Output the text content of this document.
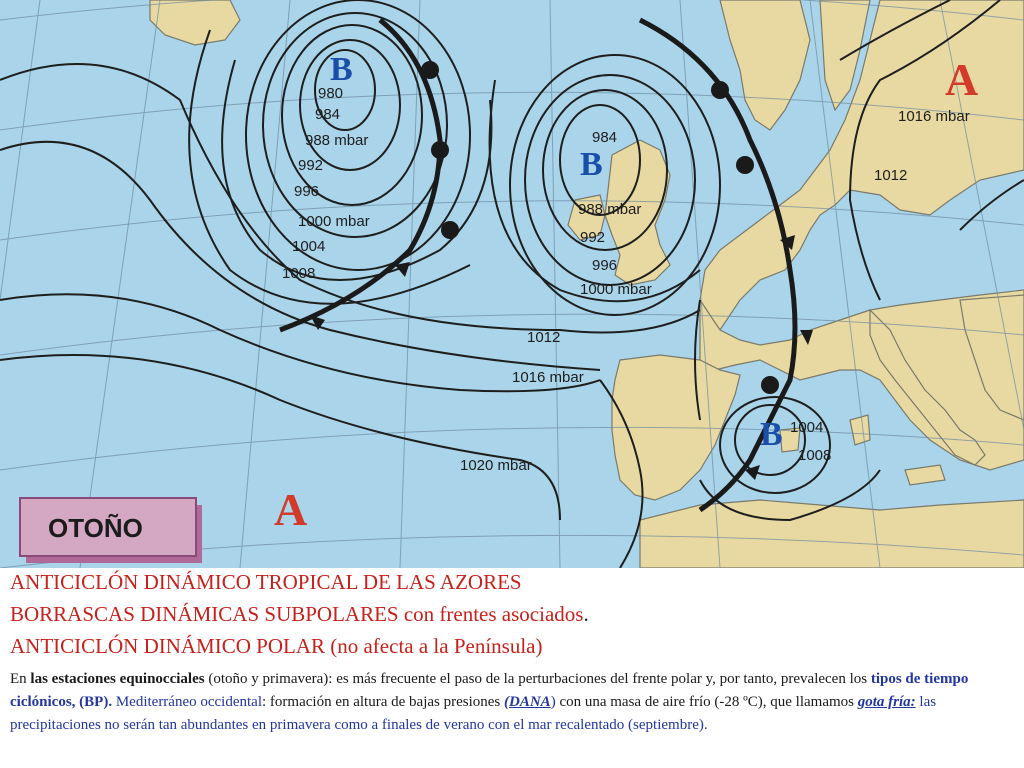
A
A
B
B
B
980
984
988 mbar
992
996
1000 mbar
1004
1008
984
988 mbar
992
996
1000 mbar
1012
1016 mbar
1020 mbar
1016 mbar
1012
1004
1008
OTOÑO
ANTICICLÓN DINÁMICO TROPICAL DE LAS AZORES
BORRASCAS DINÁMICAS SUBPOLARES con frentes asociados.
ANTICICLÓN DINÁMICO POLAR (no afecta a la Península)
En las estaciones equinocciales (otoño y primavera): es más frecuente el paso de la perturbaciones del frente polar y, por tanto, prevalecen los tipos de tiempo ciclónicos, (BP). Mediterráneo occidental: formación en altura de bajas presiones (DANA) con una masa de aire frío (-28 ºC), que llamamos gota fría: las precipitaciones no serán tan abundantes en primavera como a finales de verano con el mar recalentado (septiembre).
